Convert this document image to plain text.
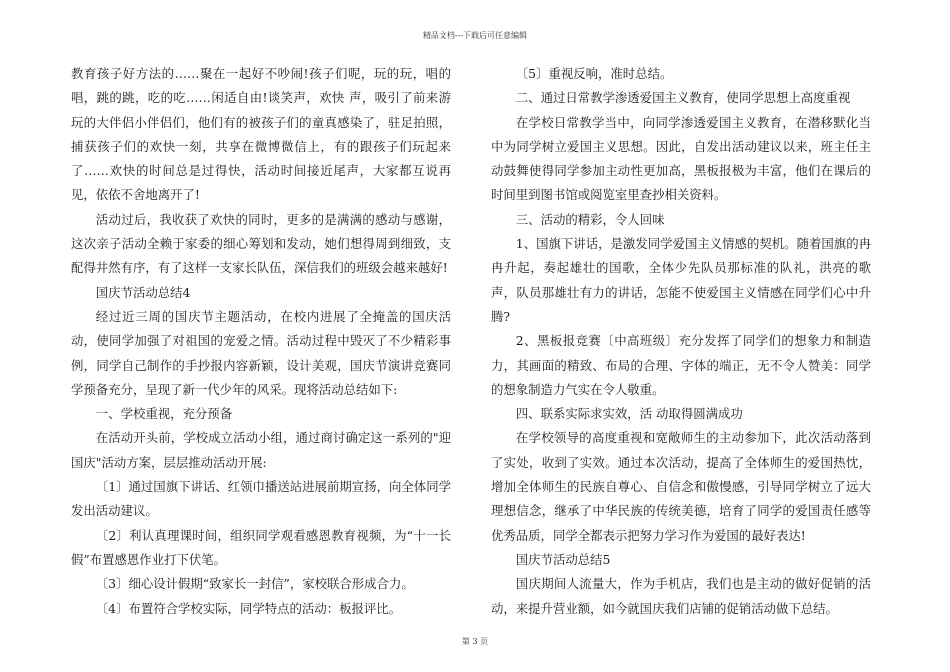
精品文档---下载后可任意编辑

教育孩子好方法的……聚在一起好不吵闹!孩子们呢，玩的玩，唱的唱，跳的跳，吃的吃……闲适自由!谈笑声，欢快 声，吸引了前来游玩的大伴侣小伴侣们，他们有的被孩子们的童真感染了，驻足拍照，捕获孩子们的欢快一刻，共享在微博微信上，有的跟孩子们玩起来了……欢快的时间总是过得快，活动时间接近尾声，大家都互说再见，依依不舍地离开了!

活动过后，我收获了欢快的同时，更多的是满满的感动与感谢，这次亲子活动全赖于家委的细心筹划和发动，她们想得周到细致，支配得井然有序，有了这样一支家长队伍，深信我们的班级会越来越好!

国庆节活动总结4

经过近三周的国庆节主题活动，在校内进展了全掩盖的国庆活动，使同学加强了对祖国的宠爱之情。活动过程中毁灭了不少精彩事例，同学自己制作的手抄报内容新颖，设计美观，国庆节演讲竞赛同学预备充分，呈现了新一代少年的风采。现将活动总结如下:

一、学校重视，充分预备

在活动开头前，学校成立活动小组，通过商讨确定这一系列的"迎国庆"活动方案，层层推动活动开展:

〔1〕通过国旗下讲话、红领巾播送站进展前期宣扬，向全体同学发出活动建议。

〔2〕利认真理课时间，组织同学观看感恩教育视频，为“十一长假”布置感恩作业打下伏笔。

〔3〕细心设计假期“致家长一封信”，家校联合形成合力。

〔4〕布置符合学校实际，同学特点的活动：板报评比。

〔5〕重视反响，准时总结。

二、通过日常教学渗透爱国主义教育，使同学思想上高度重视

在学校日常教学当中，向同学渗透爱国主义教育，在潜移默化当中为同学树立爱国主义思想。因此，自发出活动建议以来，班主任主动鼓舞使得同学参加主动性更加高，黑板报极为丰富，他们在课后的时间里到图书馆或阅览室里查抄相关资料。

三、活动的精彩，令人回味

1、国旗下讲话，是激发同学爱国主义情感的契机。随着国旗的冉冉升起，奏起雄壮的国歌，全体少先队员那标准的队礼，洪亮的歌声，队员那雄壮有力的讲话，怎能不使爱国主义情感在同学们心中升腾?

2、黑板报竞赛〔中高班级〕充分发挥了同学们的想象力和制造力，其画面的精致、布局的合理、字体的端正，无不令人赞美：同学的想象制造力气实在令人敬重。

四、联系实际求实效，活 动取得圆满成功

在学校领导的高度重视和宽敞师生的主动参加下，此次活动落到了实处，收到了实效。通过本次活动，提高了全体师生的爱国热忱，增加全体师生的民族自尊心、自信念和傲慢感，引导同学树立了远大理想信念，继承了中华民族的传统美德，培育了同学的爱国责任感等优秀品质，同学全都表示把努力学习作为爱国的最好表达!

国庆节活动总结5

国庆期间人流量大，作为手机店，我们也是主动的做好促销的活动，来提升营业额，如今就国庆我们店铺的促销活动做下总结。

第 3 页
